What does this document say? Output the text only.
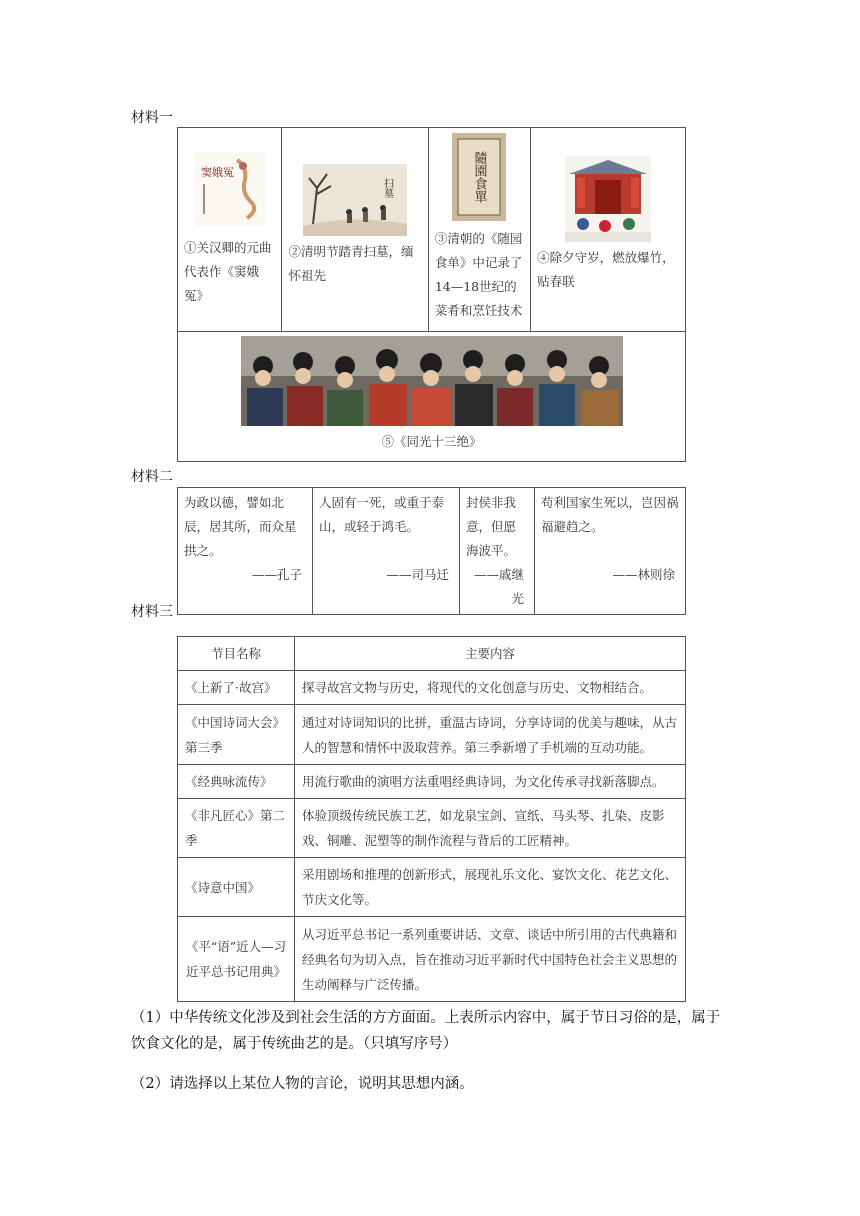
材料一
窦娥冤
①关汉卿的元曲代表作《窦娥冤》

扫墓
②清明节踏青扫墓，缅怀祖先

隨園食單
③清朝的《随园食单》中记录了14—18世纪的菜肴和烹饪技术

④除夕守岁，燃放爆竹，贴春联

⑤《同光十三绝》
材料二
为政以德，譬如北辰，居其所，而众星拱之。
——孔子

人固有一死，或重于泰山，或轻于鸿毛。
——司马迁

封侯非我意，但愿海波平。
——戚继光

苟利国家生死以，岂因祸福避趋之。
——林则徐
材料三
节目名称	主要内容
《上新了·故宫》	探寻故宫文物与历史，将现代的文化创意与历史、文物相结合。
《中国诗词大会》第三季	通过对诗词知识的比拼，重温古诗词，分享诗词的优美与趣味，从古人的智慧和情怀中汲取营养。第三季新增了手机端的互动功能。
《经典咏流传》	用流行歌曲的演唱方法重唱经典诗词，为文化传承寻找新落脚点。
《非凡匠心》第二季	体验顶级传统民族工艺，如龙泉宝剑、宣纸、马头琴、扎染、皮影戏、铜雕、泥塑等的制作流程与背后的工匠精神。
《诗意中国》	采用剧场和推理的创新形式，展现礼乐文化、宴饮文化、花艺文化、节庆文化等。
《平“语”近人—习近平总书记用典》	从习近平总书记一系列重要讲话、文章、谈话中所引用的古代典籍和经典名句为切入点，旨在推动习近平新时代中国特色社会主义思想的生动阐释与广泛传播。
（1）中华传统文化涉及到社会生活的方方面面。上表所示内容中，属于节日习俗的是，属于饮食文化的是，属于传统曲艺的是。（只填写序号）
（2）请选择以上某位人物的言论，说明其思想内涵。
